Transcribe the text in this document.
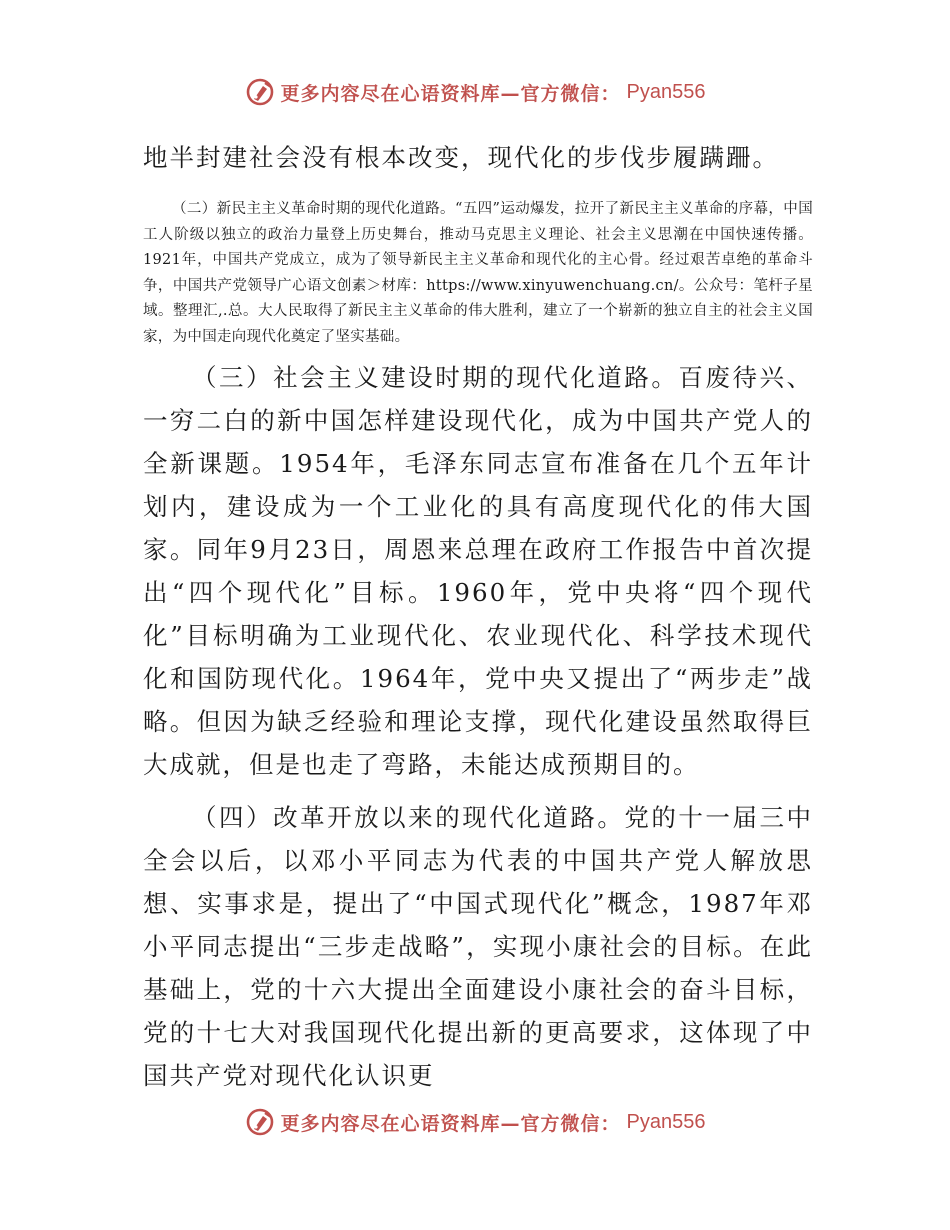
更多内容尽在心语资料库—官方微信： Pyan556

地半封建社会没有根本改变，现代化的步伐步履蹒跚。

（二）新民主主义革命时期的现代化道路。“五四”运动爆发，拉开了新民主主义革命的序幕，中国工人阶级以独立的政治力量登上历史舞台，推动马克思主义理论、社会主义思潮在中国快速传播。1921年，中国共产党成立，成为了领导新民主主义革命和现代化的主心骨。经过艰苦卓绝的革命斗争，中国共产党领导广心语文创素＞材库：https://www.xinyuwenchuang.cn/。公众号：笔杆子星域。整理汇,.总。大人民取得了新民主主义革命的伟大胜利，建立了一个崭新的独立自主的社会主义国家，为中国走向现代化奠定了坚实基础。

（三）社会主义建设时期的现代化道路。百废待兴、一穷二白的新中国怎样建设现代化，成为中国共产党人的全新课题。1954年，毛泽东同志宣布准备在几个五年计划内，建设成为一个工业化的具有高度现代化的伟大国家。同年9月23日，周恩来总理在政府工作报告中首次提出“四个现代化”目标。1960年，党中央将“四个现代化”目标明确为工业现代化、农业现代化、科学技术现代化和国防现代化。1964年，党中央又提出了“两步走”战略。但因为缺乏经验和理论支撑，现代化建设虽然取得巨大成就，但是也走了弯路，未能达成预期目的。

（四）改革开放以来的现代化道路。党的十一届三中全会以后，以邓小平同志为代表的中国共产党人解放思想、实事求是，提出了“中国式现代化”概念，1987年邓小平同志提出“三步走战略”，实现小康社会的目标。在此基础上，党的十六大提出全面建设小康社会的奋斗目标，党的十七大对我国现代化提出新的更高要求，这体现了中国共产党对现代化认识更

更多内容尽在心语资料库—官方微信： Pyan556
